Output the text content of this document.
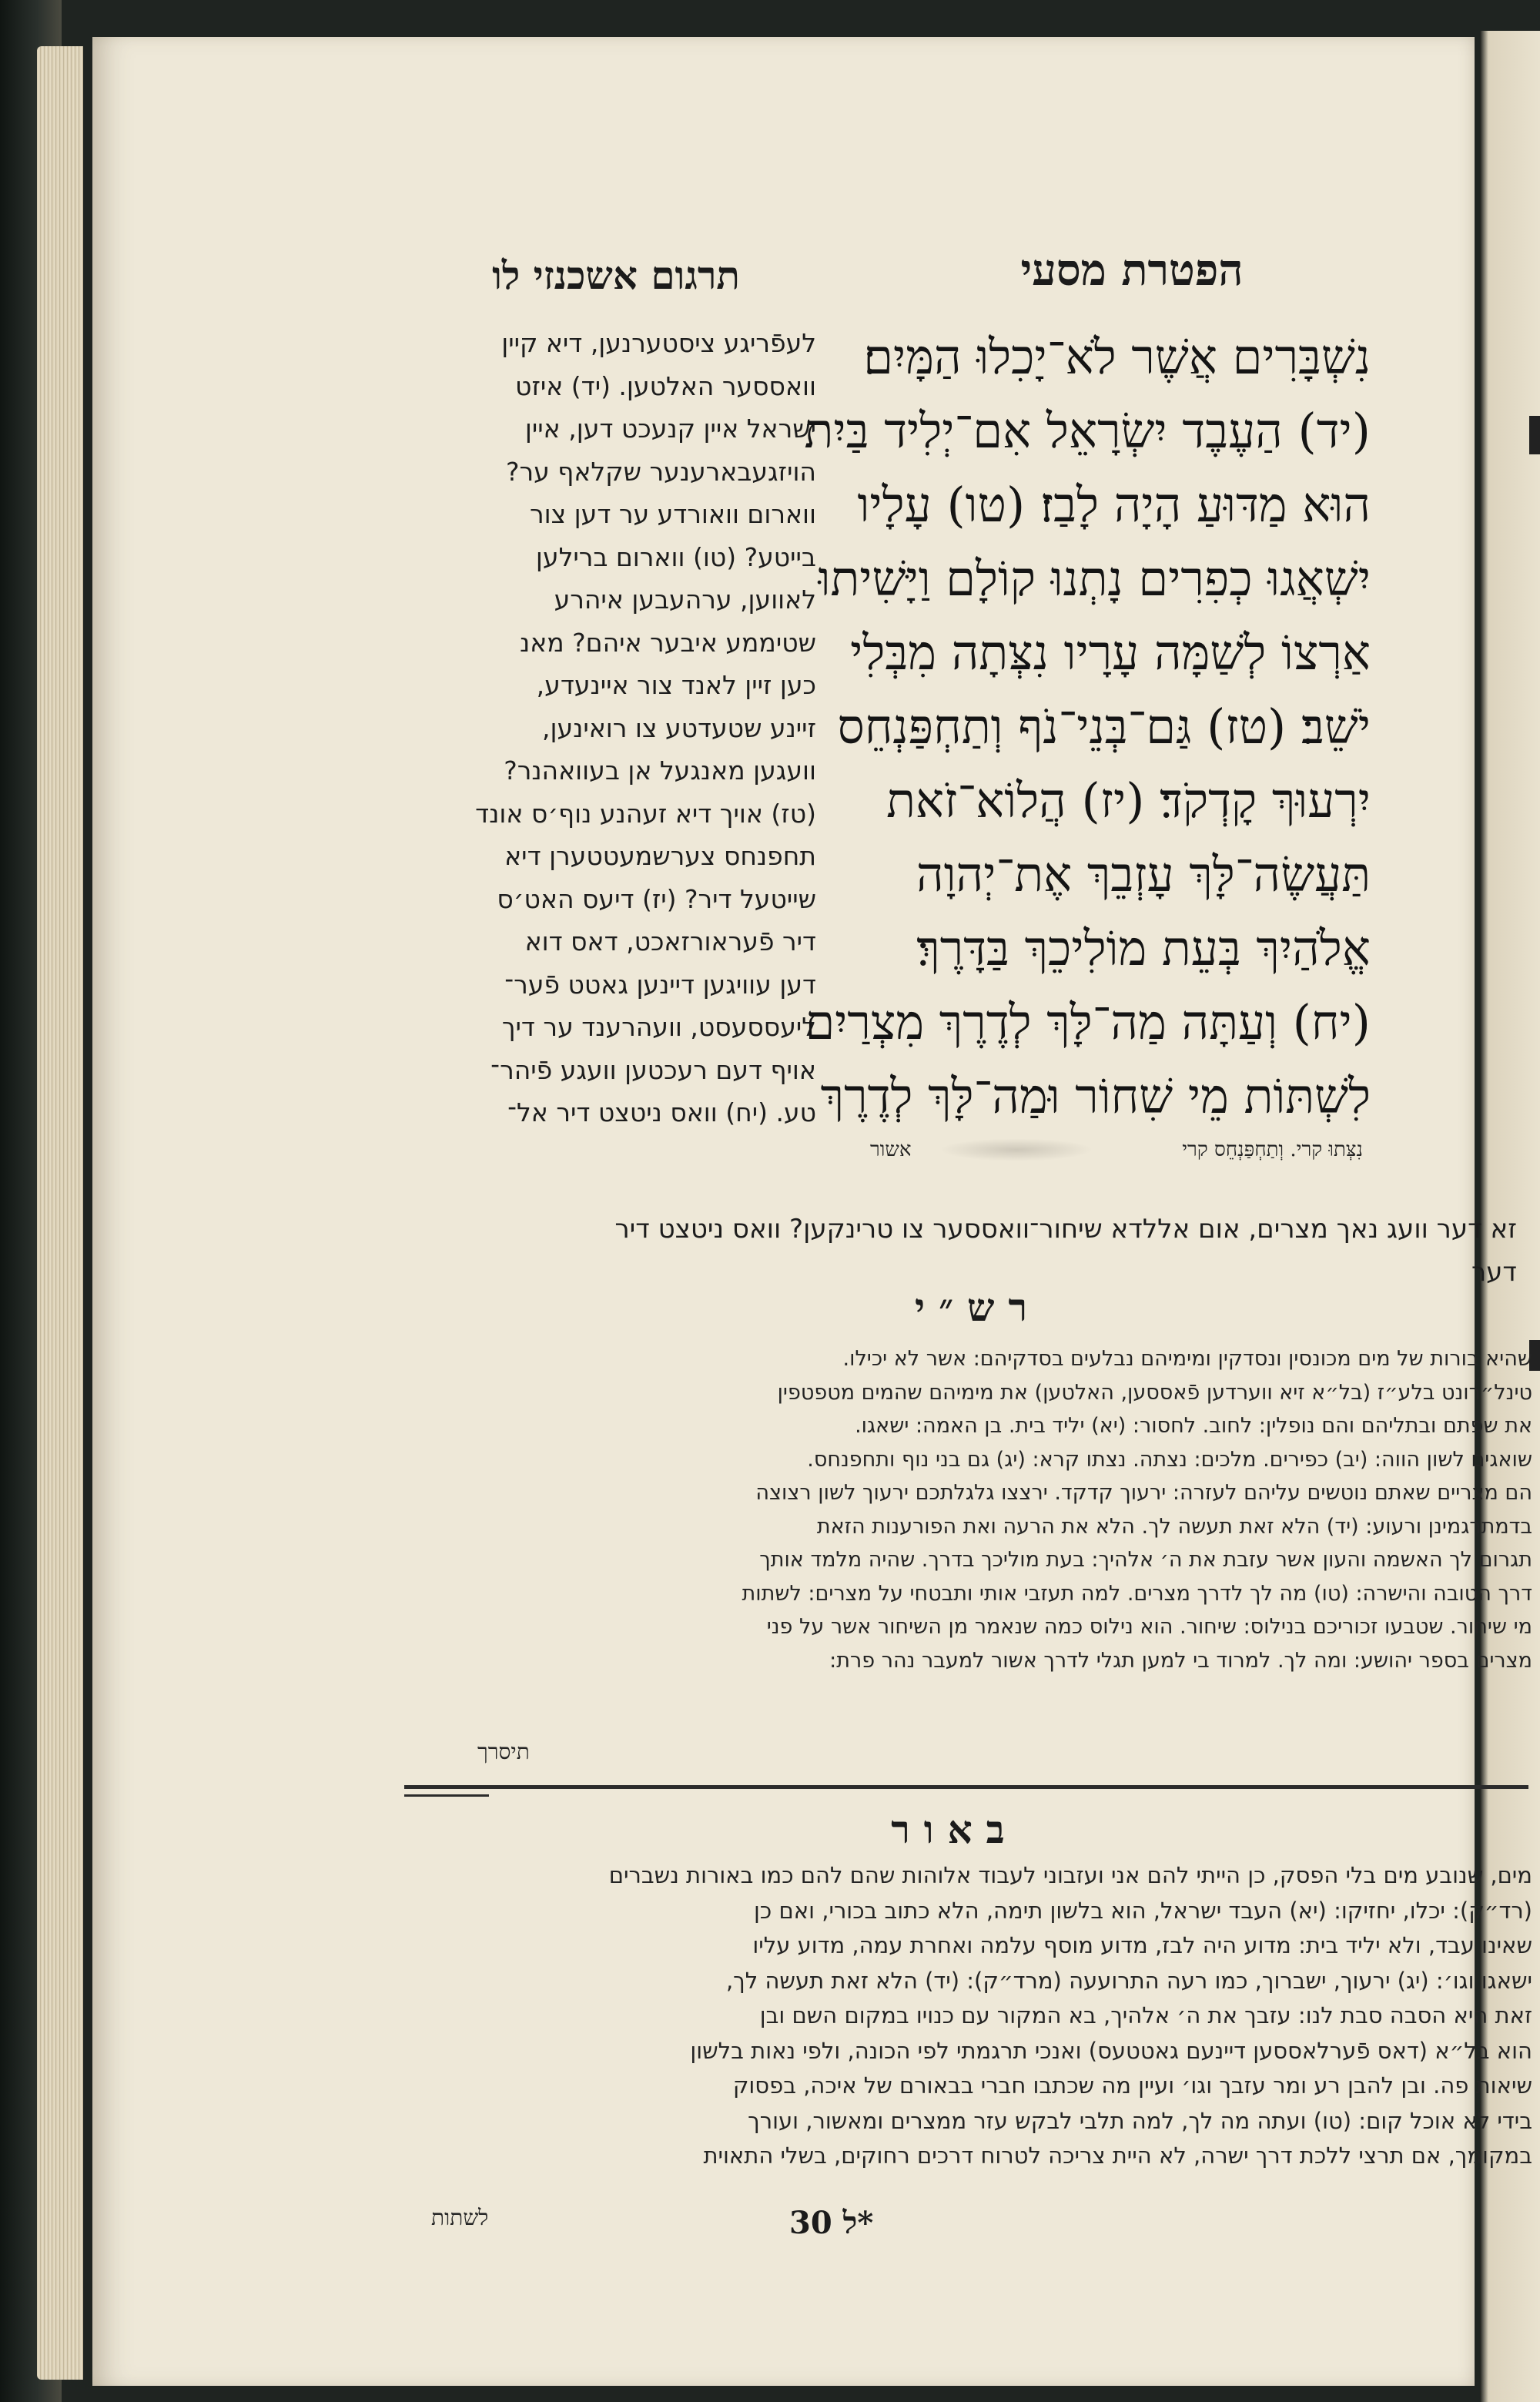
תרגום אשכנזי לו	הפטרת מסעי
לעפֿריגע ציסטערנען, דיא קיין
וואססער האלטען. (יד) איזט
ישראל איין קנעכט דען, איין
הויזגעבארענער שקלאף ער?
ווארום וואורדע ער דען צור
בייטע? (טו) ווארום ברילען
לאווען, ערהעבען איהרע
שטיממע איבער איהם? מאנ
כען זיין לאנד צור איינעדע,
זיינע שטעדטע צו רואינען,
וועגען מאנגעל אן בעוואהנר?
(טז) אויך דיא זעהנע נוף׳ס אונד
תחפנחס צערשמעטטערן דיא
שייטעל דיר? (יז) דיעס האט׳ס
דיר פֿעראורזאכט, דאס דוא
דען עוויגען דיינען גאטט פֿער־
ליעססעסט, וועהרענד ער דיך
אויף דעם רעכטען וועגע פֿיהר־
טע. (יח) וואס ניטצט דיר אל־
נִשְׁבָּרִים אֲשֶׁר לֹא־יָכִלוּ הַמָּיִם׃
(יד) הַעֶבֶד יִשְׂרָאֵל אִם־יְלִיד בַּיִת
הוּא מַדּוּעַ הָיָה לָבַז׃ (טו) עָלָיו
יִשְׁאֲגוּ כְפִרִים נָתְנוּ קוֹלָם וַיָּשִׁיתוּ
אַרְצוֹ לְשַׁמָּה עָרָיו נִצְּתָה מִבְּלִי
יֹשֵׁב׃ (טז) גַּם־בְּנֵי־נֹף וְתַחְפַּנְחֵס
יִרְעוּךְ קָדְקֹד׃ (יז) הֲלוֹא־זֹאת
תַּעֲשֶׂה־לָּךְ עָזְבֵךְ אֶת־יְהוָה
אֱלֹהַיִךְ בְּעֵת מוֹלִיכֵךְ בַּדָּרֶךְ׃
(יח) וְעַתָּה מַה־לָּךְ לְדֶרֶךְ מִצְרַיִם
לִשְׁתּוֹת מֵי שִׁחוֹר וּמַה־לָּךְ לְדֶרֶךְ
נִצְּתוּ קרי. וְתַחְפַּנְחֵס קרי
אשור
זא דער וועג נאך מצרים, אום אללדא שיחור־וואססער צו טרינקען? וואס ניטצט דיר
דער
רש״י
שהיא בורות של מים מכונסין ונסדקין ומימיהם נבלעים בסדקיהם: אשר לא יכילו.
טינל״רונט בלע״ז (בל״א זיא ווערדען פֿאססען, האלטען) את מימיהם שהמים מטפטפין
את שפתם ובתליהם והם נופלין: לחוב. לחסור: (יא) יליד בית. בן האמה: ישאגו.
שואגים לשון הווה: (יב) כפירים. מלכים: נצתה. נצתו קרא: (יג) גם בני נוף ותחפנחס.
הם מצריים שאתם נוטשים עליהם לעזרה: ירעוך קדקד. ירצצו גלגלתכם ירעוך לשון רצוצה
בדמתרגמינן ורעוע: (יד) הלא זאת תעשה לך. הלא את הרעה ואת הפורענות הזאת
תגרום לך האשמה והעון אשר עזבת את ה׳ אלהיך: בעת מוליכך בדרך. שהיה מלמד אותך
דרך הטובה והישרה: (טו) מה לך לדרך מצרים. למה תעזבי אותי ותבטחי על מצרים: לשתות
מי שיחור. שטבעו זכוריכם בנילוס: שיחור. הוא נילוס כמה שנאמר מן השיחור אשר על פני
מצרים בספר יהושע: ומה לך. למרוד בי למען תגלי לדרך אשור למעבר נהר פרת:
תיסרך
באור
מים, שנובע מים בלי הפסק, כן הייתי להם אני ועזבוני לעבוד אלוהות שהם להם כמו באורות נשברים
(רד״ק): יכלו, יחזיקו: (יא) העבד ישראל, הוא בלשון תימה, הלא כתוב בכורי, ואם כן
שאינו עבד, ולא יליד בית: מדוע היה לבז, מדוע מוסף עלמה ואחרת עמה, מדוע עליו
ישאגו וגו׳: (יג) ירעוך, ישברוך, כמו רעה התרועעה (מרד״ק): (יד) הלא זאת תעשה לך,
זאת היא הסבה סבת לנו: עזבך את ה׳ אלהיך, בא המקור עם כנויו במקום השם ובן
הוא בל״א (דאס פֿערלאססען דיינעם גאטטעס) ואנכי תרגמתי לפי הכונה, ולפי נאות בלשון
שיאות פה. ובן להבן רע ומר עזבך וגו׳ ועיין מה שכתבו חברי בבאורם של איכה, בפסוק
בידי לא אוכל קום: (טו) ועתה מה לך, למה תלבי לבקש עזר ממצרים ומאשור, ועורך
במקומך, אם תרצי ללכת דרך ישרה, לא היית צריכה לטרוח דרכים רחוקים, בשלי התאוית
לשתות	ל 30*
